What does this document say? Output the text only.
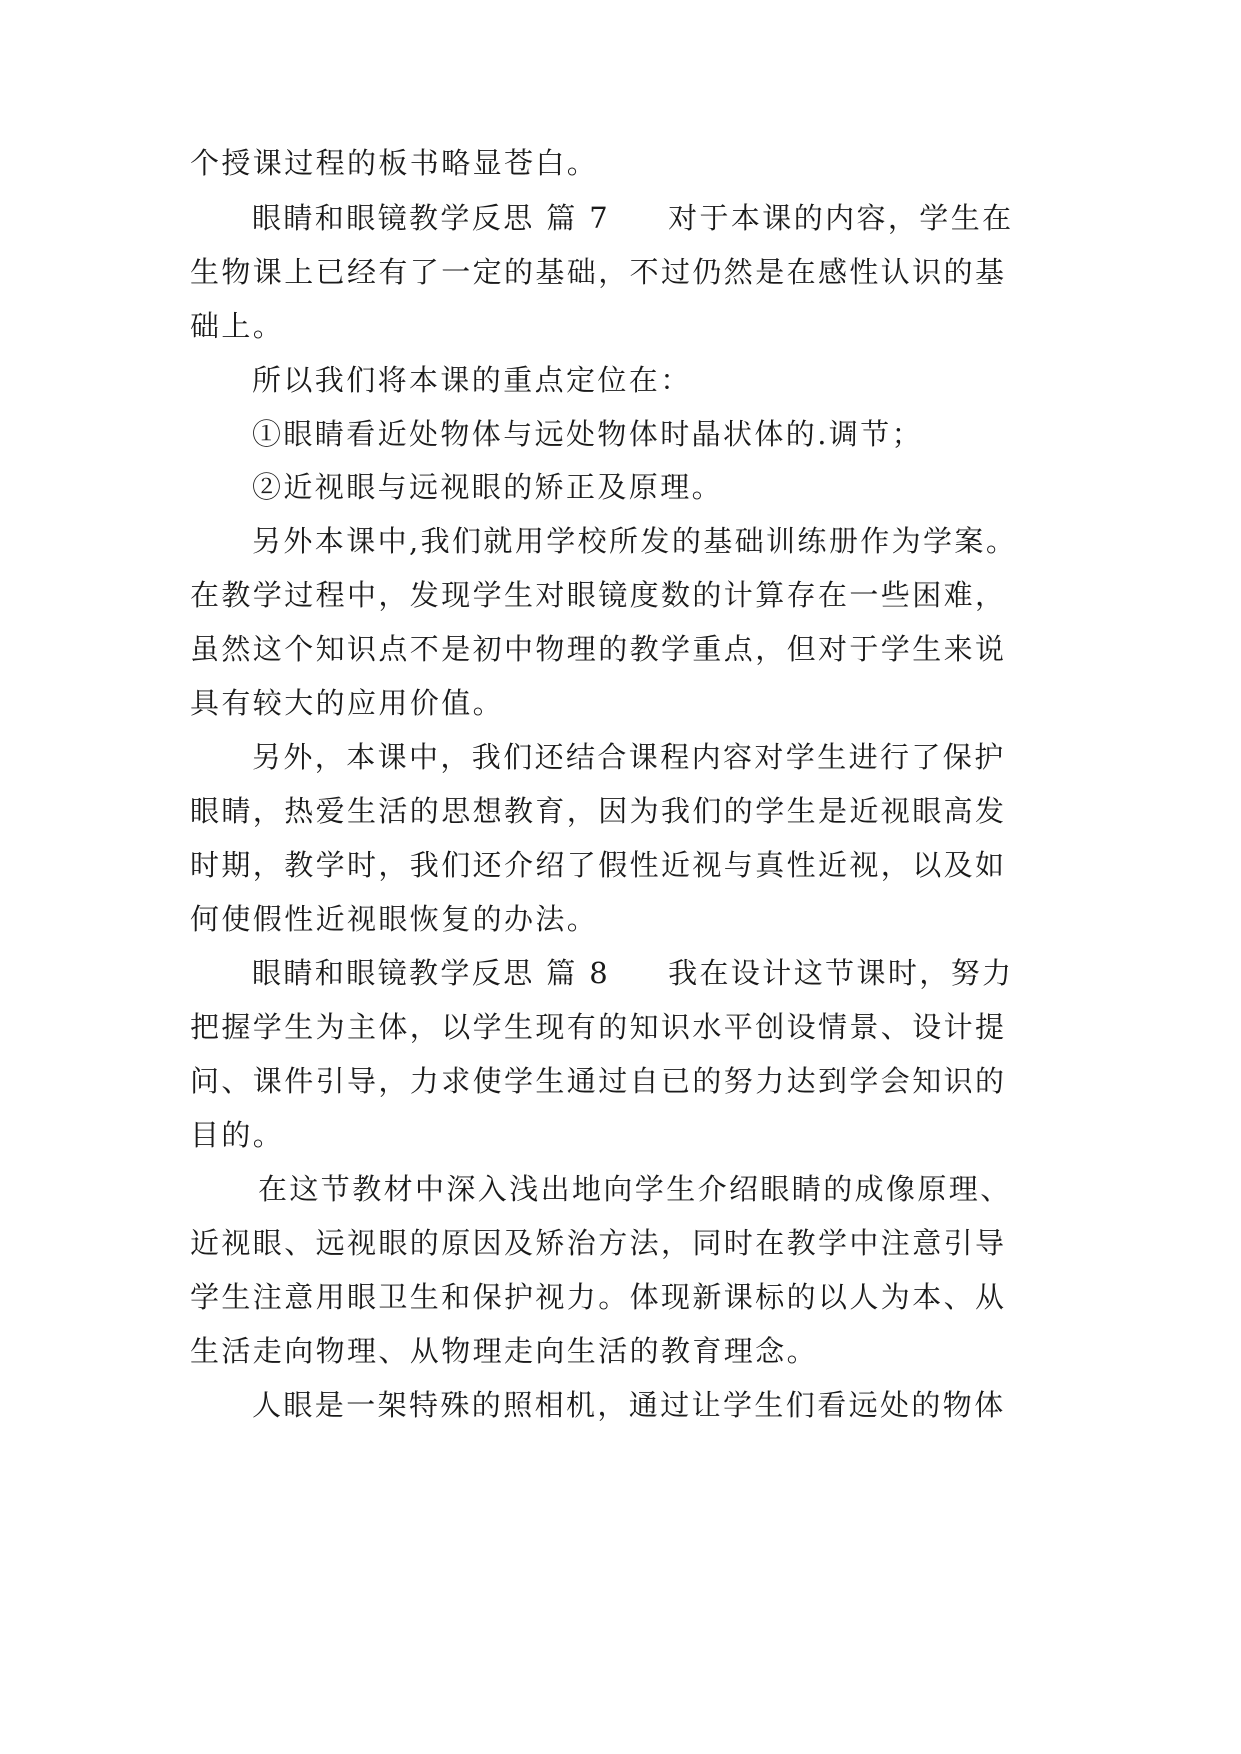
个授课过程的板书略显苍白。
眼睛和眼镜教学反思 篇 7 对于本课的内容，学生在
生物课上已经有了一定的基础，不过仍然是在感性认识的基
础上。
所以我们将本课的重点定位在：
①眼睛看近处物体与远处物体时晶状体的.调节；
②近视眼与远视眼的矫正及原理。
另外本课中,我们就用学校所发的基础训练册作为学案。
在教学过程中，发现学生对眼镜度数的计算存在一些困难，
虽然这个知识点不是初中物理的教学重点，但对于学生来说
具有较大的应用价值。
另外，本课中，我们还结合课程内容对学生进行了保护
眼睛，热爱生活的思想教育，因为我们的学生是近视眼高发
时期，教学时，我们还介绍了假性近视与真性近视，以及如
何使假性近视眼恢复的办法。
眼睛和眼镜教学反思 篇 8 我在设计这节课时，努力
把握学生为主体，以学生现有的知识水平创设情景、设计提
问、课件引导，力求使学生通过自已的努力达到学会知识的
目的。
在这节教材中深入浅出地向学生介绍眼睛的成像原理、
近视眼、远视眼的原因及矫治方法，同时在教学中注意引导
学生注意用眼卫生和保护视力。体现新课标的以人为本、从
生活走向物理、从物理走向生活的教育理念。
人眼是一架特殊的照相机，通过让学生们看远处的物体
